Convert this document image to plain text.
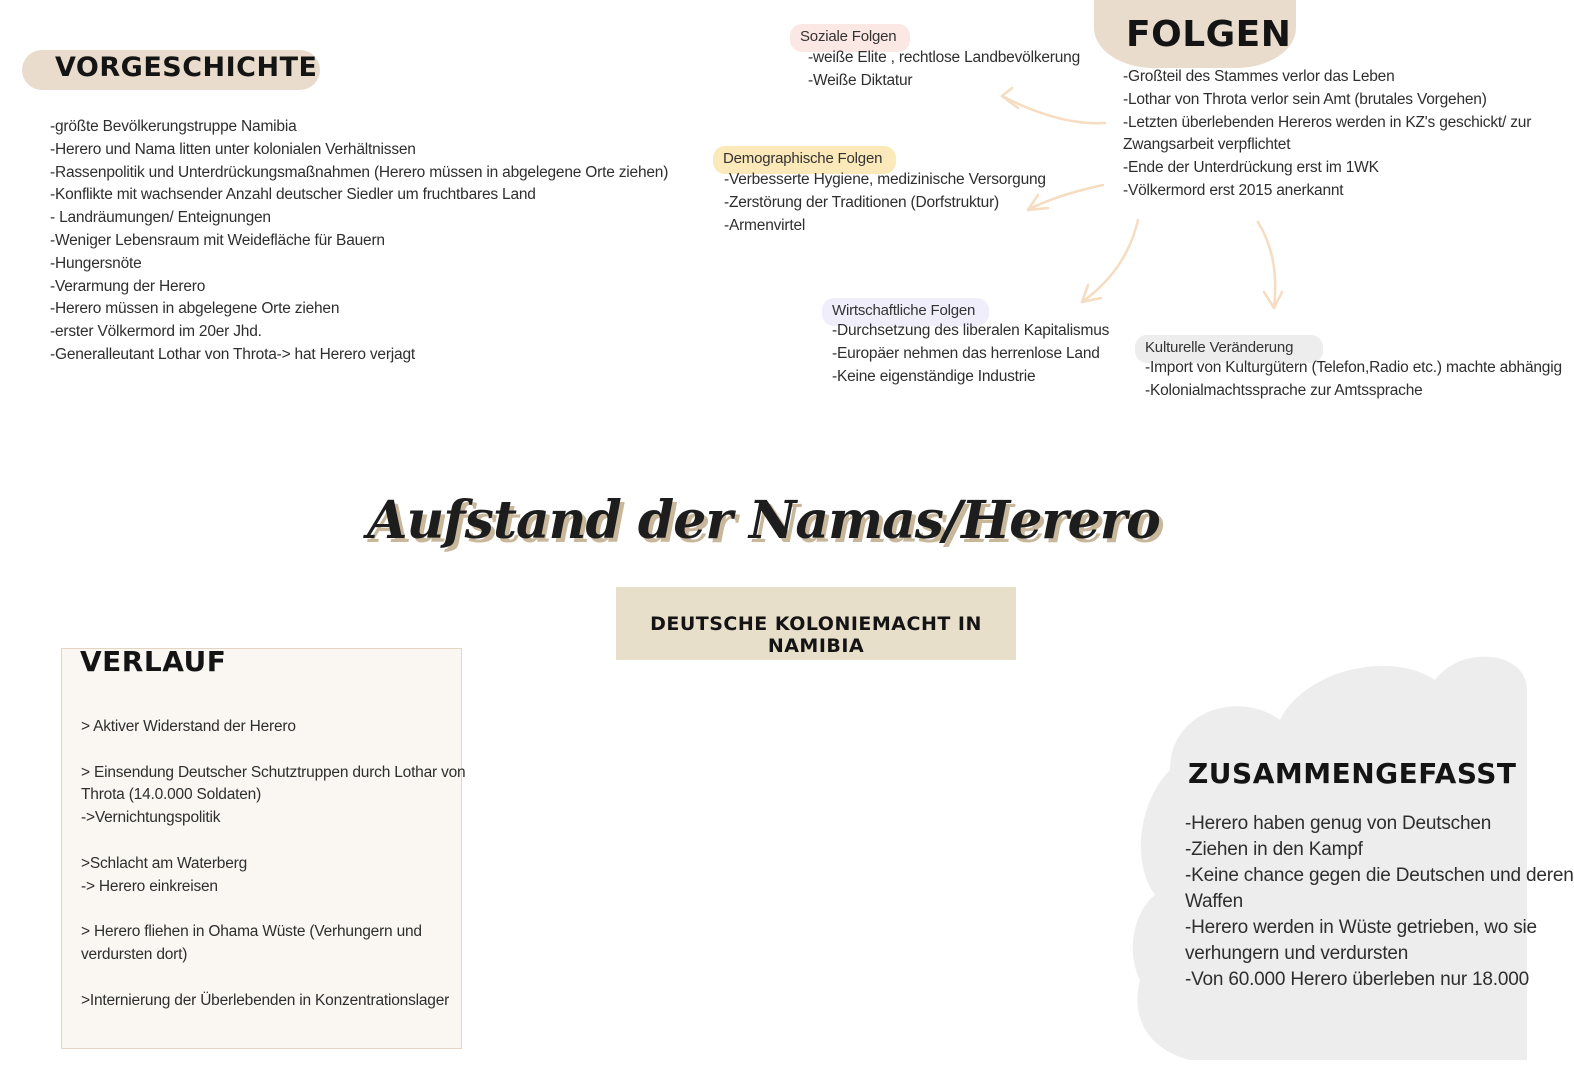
VORGESCHICHTE
-größte Bevölkerungstruppe Namibia
-Herero und Nama litten unter kolonialen Verhältnissen
-Rassenpolitik und Unterdrückungsmaßnahmen (Herero müssen in abgelegene Orte ziehen)
-Konflikte mit wachsender Anzahl deutscher Siedler um fruchtbares Land
- Landräumungen/ Enteignungen
-Weniger Lebensraum mit Weidefläche für Bauern
-Hungersnöte
-Verarmung der Herero
-Herero müssen in abgelegene Orte ziehen
-erster Völkermord im 20er Jhd.
-Generalleutant Lothar von Throta-> hat Herero verjagt
FOLGEN
-Großteil des Stammes verlor das Leben
-Lothar von Throta verlor sein Amt (brutales Vorgehen)
-Letzten überlebenden Hereros werden in KZ's geschickt/ zur
Zwangsarbeit verpflichtet
-Ende der Unterdrückung erst im 1WK
-Völkermord erst 2015 anerkannt
Soziale Folgen
-weiße Elite , rechtlose Landbevölkerung
-Weiße Diktatur
Demographische Folgen
-Verbesserte Hygiene, medizinische Versorgung
-Zerstörung der Traditionen (Dorfstruktur)
-Armenvirtel
Wirtschaftliche Folgen
-Durchsetzung des liberalen Kapitalismus
-Europäer nehmen das herrenlose Land
-Keine eigenständige Industrie
Kulturelle Veränderung
-Import von Kulturgütern (Telefon,Radio etc.) machte abhängig
-Kolonialmachtssprache zur Amtssprache
Aufstand der Namas/Herero
DEUTSCHE KOLONIEMACHT IN NAMIBIA
VERLAUF
> Aktiver Widerstand der Herero

> Einsendung Deutscher Schutztruppen durch Lothar von
Throta (14.0.000 Soldaten)
->Vernichtungspolitik

>Schlacht am Waterberg
-> Herero einkreisen

> Herero fliehen in Ohama Wüste (Verhungern und
verdursten dort)

>Internierung der Überlebenden in Konzentrationslager
ZUSAMMENGEFASST
-Herero haben genug von Deutschen
-Ziehen in den Kampf
-Keine chance gegen die Deutschen und deren
Waffen
-Herero werden in Wüste getrieben, wo sie
verhungern und verdursten
-Von 60.000 Herero überleben nur 18.000
